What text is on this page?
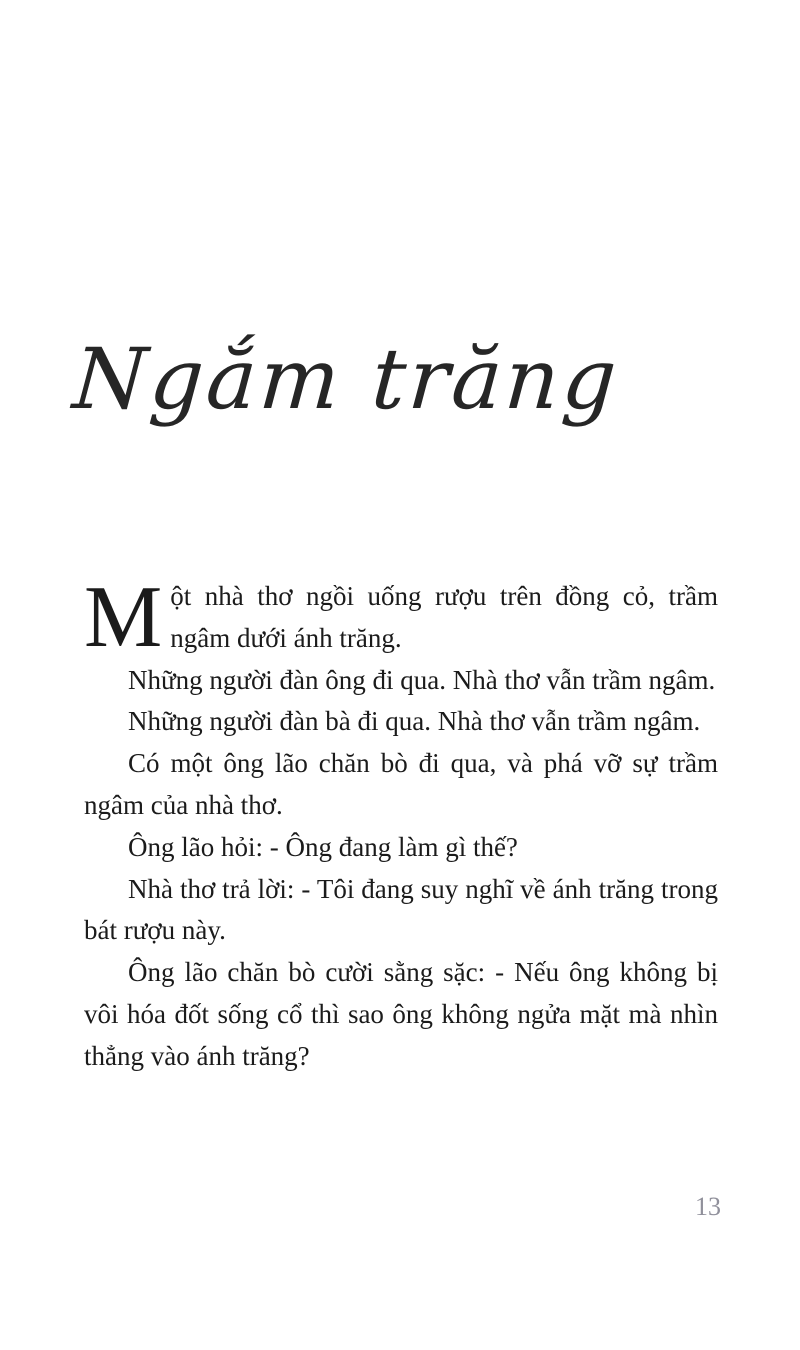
Ngắm trăng

Một nhà thơ ngồi uống rượu trên đồng cỏ, trầm ngâm dưới ánh trăng.

Những người đàn ông đi qua. Nhà thơ vẫn trầm ngâm.

Những người đàn bà đi qua. Nhà thơ vẫn trầm ngâm.

Có một ông lão chăn bò đi qua, và phá vỡ sự trầm ngâm của nhà thơ.

Ông lão hỏi: - Ông đang làm gì thế?

Nhà thơ trả lời: - Tôi đang suy nghĩ về ánh trăng trong bát rượu này.

Ông lão chăn bò cười sằng sặc: - Nếu ông không bị vôi hóa đốt sống cổ thì sao ông không ngửa mặt mà nhìn thẳng vào ánh trăng?

13
